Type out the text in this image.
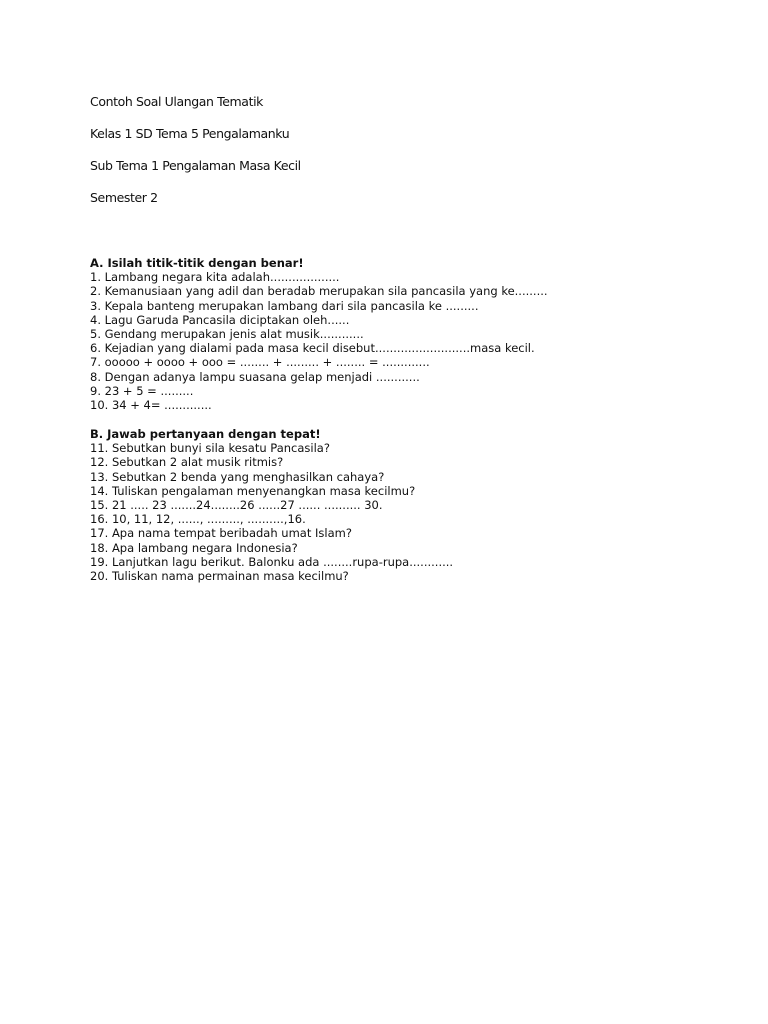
Contoh Soal Ulangan Tematik
Kelas 1 SD Tema 5 Pengalamanku
Sub Tema 1 Pengalaman Masa Kecil
Semester 2
A. Isilah titik-titik dengan benar!
1. Lambang negara kita adalah...................
2. Kemanusiaan yang adil dan beradab merupakan sila pancasila yang ke.........
3. Kepala banteng merupakan lambang dari sila pancasila ke .........
4. Lagu Garuda Pancasila diciptakan oleh......
5. Gendang merupakan jenis alat musik............
6. Kejadian yang dialami pada masa kecil disebut..........................masa kecil.
7. ooooo + oooo + ooo = ........ + ......... + ........ = .............
8. Dengan adanya lampu suasana gelap menjadi ............
9. 23 + 5 = .........
10. 34 + 4= .............
B. Jawab pertanyaan dengan tepat!
11. Sebutkan bunyi sila kesatu Pancasila?
12. Sebutkan 2 alat musik ritmis?
13. Sebutkan 2 benda yang menghasilkan cahaya?
14. Tuliskan pengalaman menyenangkan masa kecilmu?
15. 21 ..... 23 .......24........26 ......27 ...... .......... 30.
16. 10, 11, 12, ......, ........., ..........,16.
17. Apa nama tempat beribadah umat Islam?
18. Apa lambang negara Indonesia?
19. Lanjutkan lagu berikut. Balonku ada ........rupa-rupa............
20. Tuliskan nama permainan masa kecilmu?
